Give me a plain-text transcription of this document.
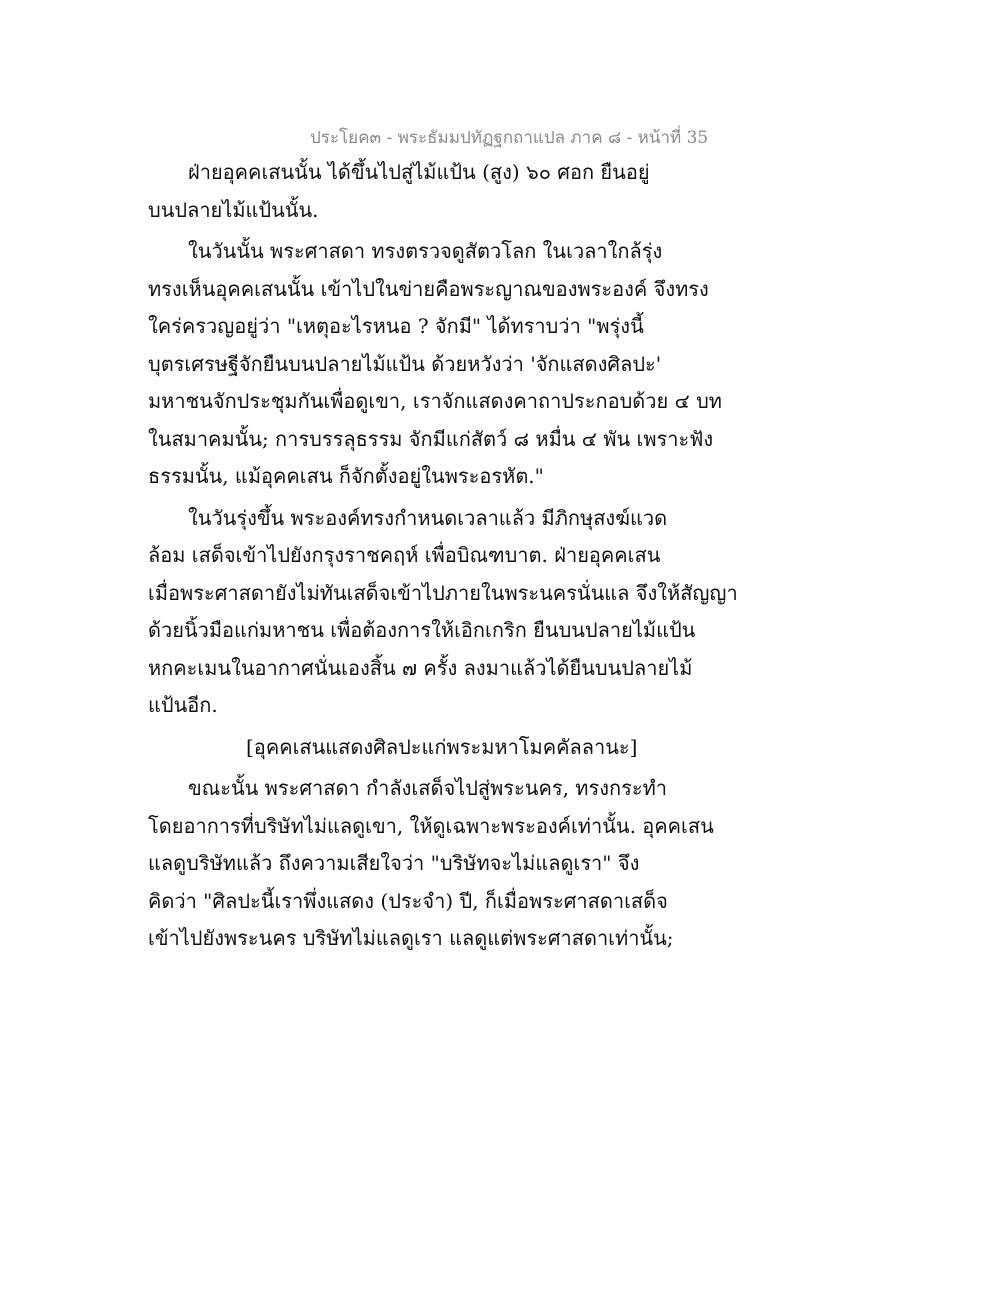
ประโยค๓ - พระธัมมปทัฏฐกถาแปล ภาค ๘ - หน้าที่ 35
ฝ่ายอุคคเสนนั้น ได้ขึ้นไปสู่ไม้แป้น (สูง) ๖๐ ศอก ยืนอยู่
บนปลายไม้แป้นนั้น.
ในวันนั้น พระศาสดา ทรงตรวจดูสัตวโลก ในเวลาใกล้รุ่ง
ทรงเห็นอุคคเสนนั้น เข้าไปในข่ายคือพระญาณของพระองค์ จึงทรง
ใคร่ครวญอยู่ว่า "เหตุอะไรหนอ ? จักมี" ได้ทราบว่า "พรุ่งนี้
บุตรเศรษฐีจักยืนบนปลายไม้แป้น ด้วยหวังว่า 'จักแสดงศิลปะ'
มหาชนจักประชุมกันเพื่อดูเขา, เราจักแสดงคาถาประกอบด้วย ๔ บท
ในสมาคมนั้น; การบรรลุธรรม จักมีแก่สัตว์ ๘ หมื่น ๔ พัน เพราะฟัง
ธรรมนั้น, แม้อุคคเสน ก็จักตั้งอยู่ในพระอรหัต."
ในวันรุ่งขึ้น พระองค์ทรงกำหนดเวลาแล้ว มีภิกษุสงฆ์แวด
ล้อม เสด็จเข้าไปยังกรุงราชคฤห์ เพื่อบิณฑบาต. ฝ่ายอุคคเสน
เมื่อพระศาสดายังไม่ทันเสด็จเข้าไปภายในพระนครนั่นแล จึงให้สัญญา
ด้วยนิ้วมือแก่มหาชน เพื่อต้องการให้เอิกเกริก ยืนบนปลายไม้แป้น
หกคะเมนในอากาศนั่นเองสิ้น ๗ ครั้ง ลงมาแล้วได้ยืนบนปลายไม้
แป้นอีก.
[อุคคเสนแสดงศิลปะแก่พระมหาโมคคัลลานะ]
ขณะนั้น พระศาสดา กำลังเสด็จไปสู่พระนคร, ทรงกระทำ
โดยอาการที่บริษัทไม่แลดูเขา, ให้ดูเฉพาะพระองค์เท่านั้น. อุคคเสน
แลดูบริษัทแล้ว ถึงความเสียใจว่า "บริษัทจะไม่แลดูเรา" จึง
คิดว่า "ศิลปะนี้เราพึ่งแสดง (ประจำ) ปี, ก็เมื่อพระศาสดาเสด็จ
เข้าไปยังพระนคร บริษัทไม่แลดูเรา แลดูแต่พระศาสดาเท่านั้น;
